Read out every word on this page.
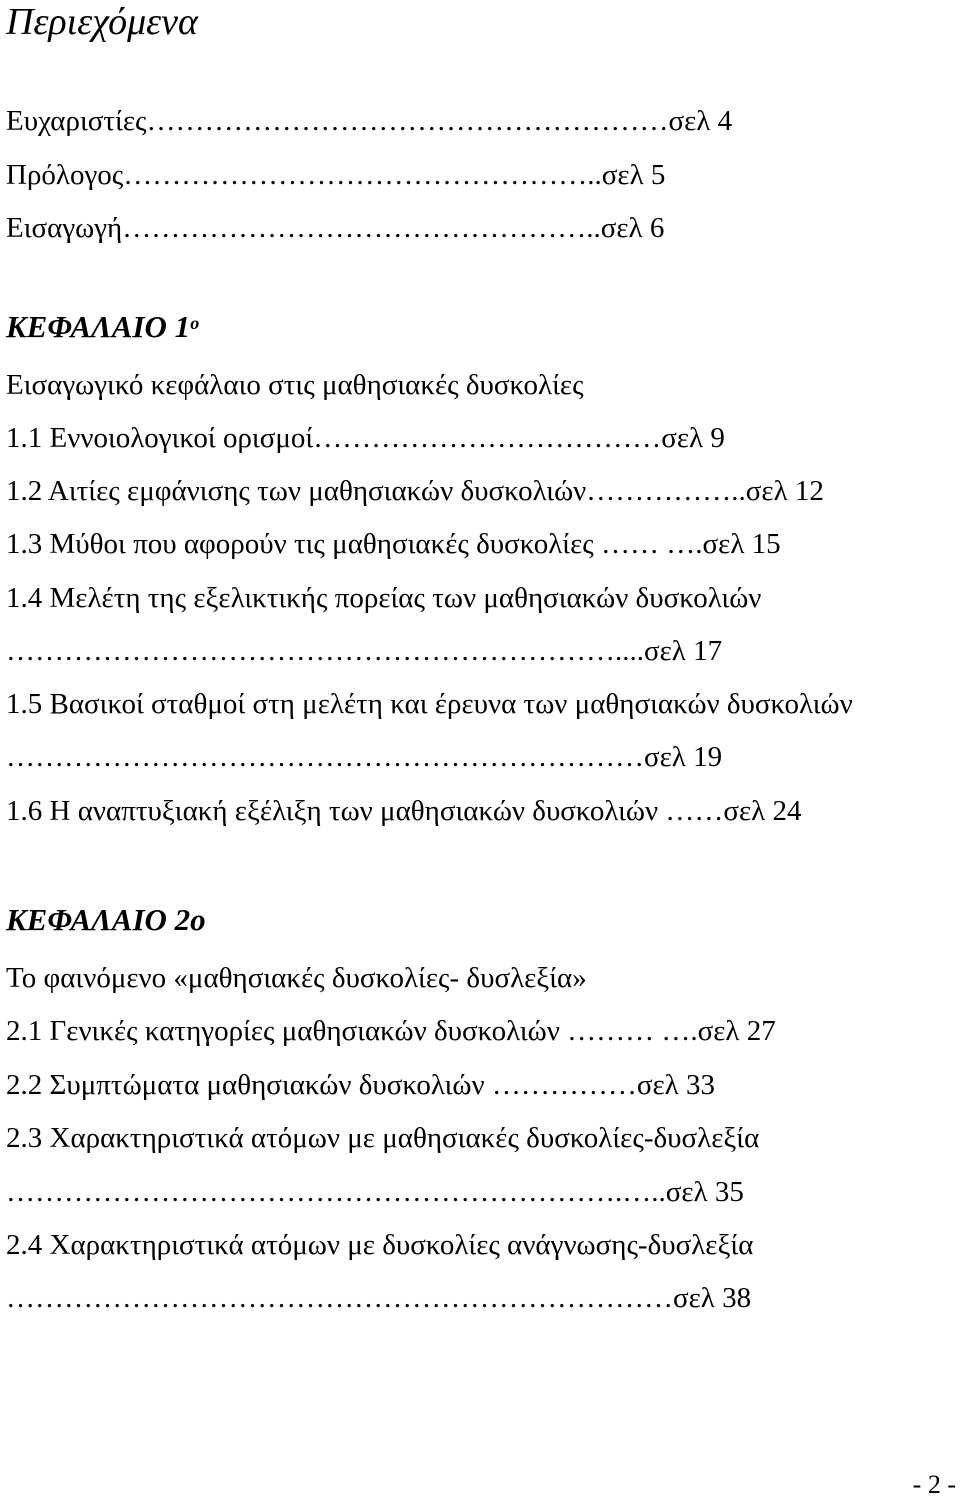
Περιεχόμενα

Ευχαριστίες………………………………………………σελ 4

Πρόλογος…………………………………………..σελ 5

Εισαγωγή…………………………………………..σελ 6

ΚΕΦΑΛΑΙΟ $1^o$

Εισαγωγικό κεφάλαιο στις μαθησιακές δυσκολίες

1.1 Εννοιολογικοί ορισμοί………………………………σελ 9

1.2 Αιτίες εμφάνισης των μαθησιακών δυσκολιών……………..σελ 12

1.3 Μύθοι που αφορούν τις μαθησιακές δυσκολίες …… ….σελ 15

1.4 Μελέτη της εξελικτικής πορείας των μαθησιακών δυσκολιών

………………………………………………………....σελ 17

1.5 Βασικοί σταθμοί στη μελέτη και έρευνα των μαθησιακών δυσκολιών

…………………………………………………………σελ 19

1.6 Η αναπτυξιακή εξέλιξη των μαθησιακών δυσκολιών ……σελ 24

ΚΕΦΑΛΑΙΟ 2ο

Το φαινόμενο «μαθησιακές δυσκολίες- δυσλεξία»

2.1 Γενικές κατηγορίες μαθησιακών δυσκολιών ……… ….σελ 27

2.2 Συμπτώματα μαθησιακών δυσκολιών ……………σελ 33

2.3 Χαρακτηριστικά ατόμων με μαθησιακές δυσκολίες-δυσλεξία

……………………………………………………….…..σελ 35

2.4 Χαρακτηριστικά ατόμων με δυσκολίες ανάγνωσης-δυσλεξία

……………………………………………………………σελ 38

- 2 -
